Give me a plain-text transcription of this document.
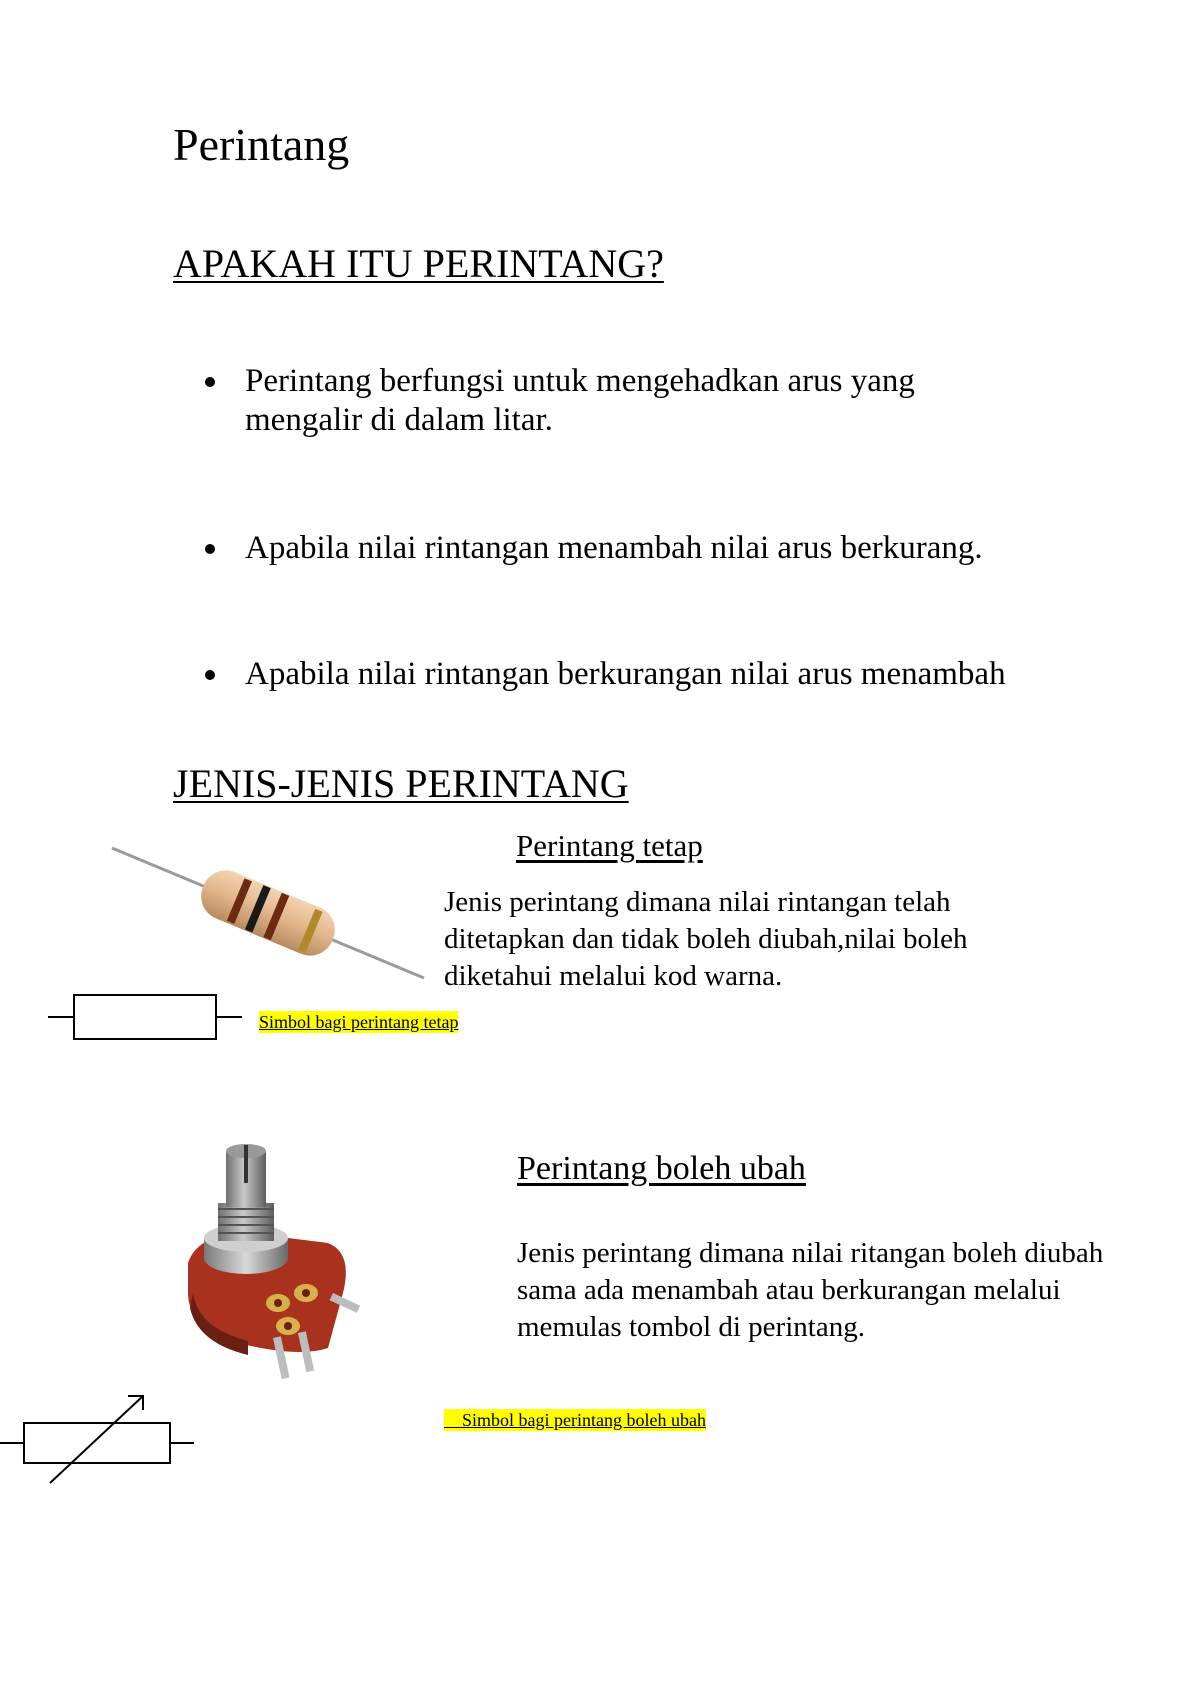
Perintang
APAKAH ITU PERINTANG?
Perintang berfungsi untuk mengehadkan arus yang mengalir di dalam litar.
Apabila nilai rintangan menambah nilai arus berkurang.
Apabila nilai rintangan berkurangan nilai arus menambah
JENIS-JENIS PERINTANG
Simbol bagi perintang tetap
Perintang tetap
Jenis perintang dimana nilai rintangan telah ditetapkan dan tidak boleh diubah,nilai boleh diketahui melalui kod warna.
Perintang boleh ubah
Jenis perintang dimana nilai ritangan boleh diubah sama ada menambah atau berkurangan melalui memulas tombol di perintang.
Simbol bagi perintang boleh ubah
